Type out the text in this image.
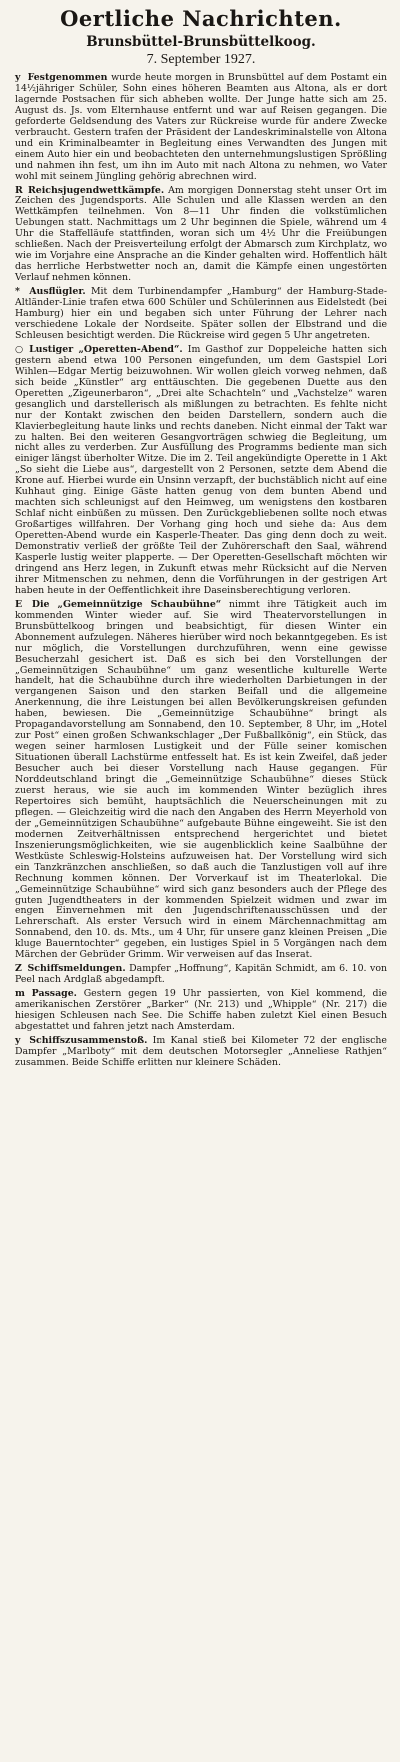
Oertliche Nachrichten.
Brunsbüttel-Brunsbüttelkoog.
7. September 1927.

y Festgenommen wurde heute morgen in Brunsbüttel auf dem Postamt ein 14½jähriger Schüler, Sohn eines höheren Beamten aus Altona, als er dort lagernde Postsachen für sich abheben wollte. Der Junge hatte sich am 25. August ds. Js. vom Elternhause entfernt und war auf Reisen gegangen. Die geforderte Geldsendung des Vaters zur Rückreise wurde für andere Zwecke verbraucht. Gestern trafen der Präsident der Landeskriminalstelle von Altona und ein Kriminalbeamter in Begleitung eines Verwandten des Jungen mit einem Auto hier ein und beobachteten den unternehmungslustigen Sprößling und nahmen ihn fest, um ihn im Auto mit nach Altona zu nehmen, wo Vater wohl mit seinem Jüngling gehörig abrechnen wird.

R Reichsjugendwettkämpfe. Am morgigen Donnerstag steht unser Ort im Zeichen des Jugendsports. Alle Schulen und alle Klassen werden an den Wettkämpfen teilnehmen. Von 8—11 Uhr finden die volkstümlichen Uebungen statt. Nachmittags um 2 Uhr beginnen die Spiele, während um 4 Uhr die Staffelläufe stattfinden, woran sich um 4½ Uhr die Freiübungen schließen. Nach der Preisverteilung erfolgt der Abmarsch zum Kirchplatz, wo wie im Vorjahre eine Ansprache an die Kinder gehalten wird. Hoffentlich hält das herrliche Herbstwetter noch an, damit die Kämpfe einen ungestörten Verlauf nehmen können.

* Ausflügler. Mit dem Turbinendampfer „Hamburg“ der Hamburg-Stade-Altländer-Linie trafen etwa 600 Schüler und Schülerinnen aus Eidelstedt (bei Hamburg) hier ein und begaben sich unter Führung der Lehrer nach verschiedene Lokale der Nordseite. Später sollen der Elbstrand und die Schleusen besichtigt werden. Die Rückreise wird gegen 5 Uhr angetreten.

○ Lustiger „Operetten-Abend“. Im Gasthof zur Doppeleiche hatten sich gestern abend etwa 100 Personen eingefunden, um dem Gastspiel Lori Wihlen—Edgar Mertig beizuwohnen. Wir wollen gleich vorweg nehmen, daß sich beide „Künstler“ arg enttäuschten. Die gegebenen Duette aus den Operetten „Zigeunerbaron“, „Drei alte Schachteln“ und „Vachstelze“ waren gesanglich und darstellerisch als mißlungen zu betrachten. Es fehlte nicht nur der Kontakt zwischen den beiden Darstellern, sondern auch die Klavierbegleitung haute links und rechts daneben. Nicht einmal der Takt war zu halten. Bei den weiteren Gesangvorträgen schwieg die Begleitung, um nicht alles zu verderben. Zur Ausfüllung des Programms bediente man sich einiger längst überholter Witze. Die im 2. Teil angekündigte Operette in 1 Akt „So sieht die Liebe aus“, dargestellt von 2 Personen, setzte dem Abend die Krone auf. Hierbei wurde ein Unsinn verzapft, der buchstäblich nicht auf eine Kuhhaut ging. Einige Gäste hatten genug von dem bunten Abend und machten sich schleunigst auf den Heimweg, um wenigstens den kostbaren Schlaf nicht einbüßen zu müssen. Den Zurückgebliebenen sollte noch etwas Großartiges willfahren. Der Vorhang ging hoch und siehe da: Aus dem Operetten-Abend wurde ein Kasperle-Theater. Das ging denn doch zu weit. Demonstrativ verließ der größte Teil der Zuhörerschaft den Saal, während Kasperle lustig weiter plapperte. — Der Operetten-Gesellschaft möchten wir dringend ans Herz legen, in Zukunft etwas mehr Rücksicht auf die Nerven ihrer Mitmenschen zu nehmen, denn die Vorführungen in der gestrigen Art haben heute in der Oeffentlichkeit ihre Daseinsberechtigung verloren.

E Die „Gemeinnützige Schaubühne“ nimmt ihre Tätigkeit auch im kommenden Winter wieder auf. Sie wird Theatervorstellungen in Brunsbüttelkoog bringen und beabsichtigt, für diesen Winter ein Abonnement aufzulegen. Näheres hierüber wird noch bekanntgegeben. Es ist nur möglich, die Vorstellungen durchzuführen, wenn eine gewisse Besucherzahl gesichert ist. Daß es sich bei den Vorstellungen der „Gemeinnützigen Schaubühne“ um ganz wesentliche kulturelle Werte handelt, hat die Schaubühne durch ihre wiederholten Darbietungen in der vergangenen Saison und den starken Beifall und die allgemeine Anerkennung, die ihre Leistungen bei allen Bevölkerungskreisen gefunden haben, bewiesen. Die „Gemeinnützige Schaubühne“ bringt als Propagandavorstellung am Sonnabend, den 10. September, 8 Uhr, im „Hotel zur Post“ einen großen Schwankschlager „Der Fußballkönig“, ein Stück, das wegen seiner harmlosen Lustigkeit und der Fülle seiner komischen Situationen überall Lachstürme entfesselt hat. Es ist kein Zweifel, daß jeder Besucher auch bei dieser Vorstellung nach Hause gegangen. Für Norddeutschland bringt die „Gemeinnützige Schaubühne“ dieses Stück zuerst heraus, wie sie auch im kommenden Winter bezüglich ihres Repertoires sich bemüht, hauptsächlich die Neuerscheinungen mit zu pflegen. — Gleichzeitig wird die nach den Angaben des Herrn Meyerhold von der „Gemeinnützigen Schaubühne“ aufgebaute Bühne eingeweiht. Sie ist den modernen Zeitverhältnissen entsprechend hergerichtet und bietet Inszenierungsmöglichkeiten, wie sie augenblicklich keine Saalbühne der Westküste Schleswig-Holsteins aufzuweisen hat. Der Vorstellung wird sich ein Tanzkränzchen anschließen, so daß auch die Tanzlustigen voll auf ihre Rechnung kommen können. Der Vorverkauf ist im Theaterlokal. Die „Gemeinnützige Schaubühne“ wird sich ganz besonders auch der Pflege des guten Jugendtheaters in der kommenden Spielzeit widmen und zwar im engen Einvernehmen mit den Jugendschriftenausschüssen und der Lehrerschaft. Als erster Versuch wird in einem Märchennachmittag am Sonnabend, den 10. ds. Mts., um 4 Uhr, für unsere ganz kleinen Preisen „Die kluge Bauerntochter“ gegeben, ein lustiges Spiel in 5 Vorgängen nach dem Märchen der Gebrüder Grimm. Wir verweisen auf das Inserat.

Z Schiffsmeldungen. Dampfer „Hoffnung“, Kapitän Schmidt, am 6. 10. von Peel nach Ardglaß abgedampft.

m Passage. Gestern gegen 19 Uhr passierten, von Kiel kommend, die amerikanischen Zerstörer „Barker“ (Nr. 213) und „Whipple“ (Nr. 217) die hiesigen Schleusen nach See. Die Schiffe haben zuletzt Kiel einen Besuch abgestattet und fahren jetzt nach Amsterdam.

y Schiffszusammenstoß. Im Kanal stieß bei Kilometer 72 der englische Dampfer „Marlboty“ mit dem deutschen Motorsegler „Anneliese Rathjen“ zusammen. Beide Schiffe erlitten nur kleinere Schäden.
